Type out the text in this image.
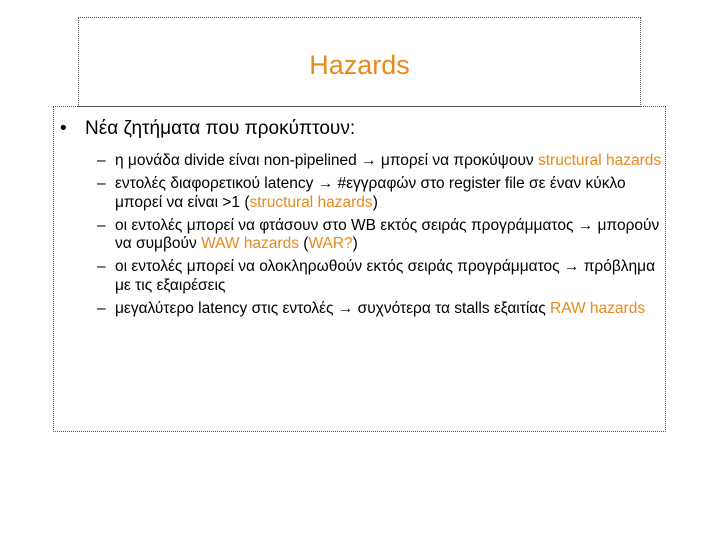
Hazards
• Νέα ζητήματα που προκύπτουν:
– η μονάδα divide είναι non-pipelined → μπορεί να προκύψουν structural hazards
– εντολές διαφορετικού latency → #εγγραφών στο register file σε έναν κύκλο μπορεί να είναι >1 (structural hazards)
– οι εντολές μπορεί να φτάσουν στο WB εκτός σειράς προγράμματος → μπορούν να συμβούν WAW hazards (WAR?)
– οι εντολές μπορεί να ολοκληρωθούν εκτός σειράς προγράμματος → πρόβλημα με τις εξαιρέσεις
– μεγαλύτερο latency στις εντολές → συχνότερα τα stalls εξαιτίας RAW hazards
